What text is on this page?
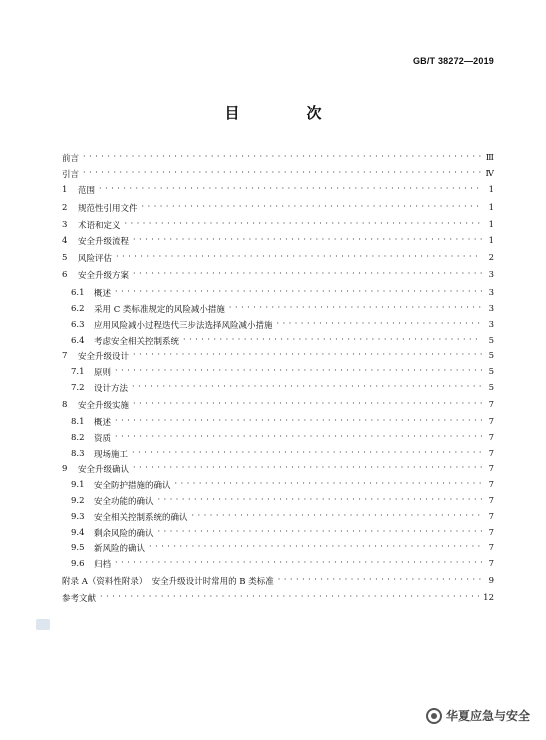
GB/T 38272—2019
目　次
前言 · · ·	Ⅲ
引言 · · ·	Ⅳ
1	范围 · · ·	1
2	规范性引用文件 · · ·	1
3	术语和定义 · · ·	1
4	安全升级流程 · · ·	1
5	风险评估 · · ·	2
6	安全升级方案 · · ·	3
6.1	概述 · · ·	3
6.2	采用 C 类标准规定的风险减小措施 · · ·	3
6.3	应用风险减小过程迭代三步法选择风险减小措施 · · ·	3
6.4	考虑安全相关控制系统 · · ·	5
7	安全升级设计 · · ·	5
7.1	原则 · · ·	5
7.2	设计方法 · · ·	5
8	安全升级实施 · · ·	7
8.1	概述 · · ·	7
8.2	资质 · · ·	7
8.3	现场施工 · · ·	7
9	安全升级确认 · · ·	7
9.1	安全防护措施的确认 · · ·	7
9.2	安全功能的确认 · · ·	7
9.3	安全相关控制系统的确认 · · ·	7
9.4	剩余风险的确认 · · ·	7
9.5	新风险的确认 · · ·	7
9.6	归档 · · ·	7
附录 A（资料性附录）　安全升级设计时常用的 B 类标准 · · ·	9
参考文献 · · ·	12
华夏应急与安全
